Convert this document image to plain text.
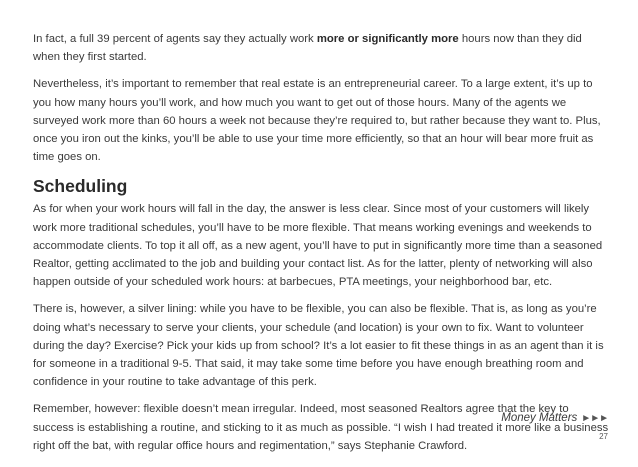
In fact, a full 39 percent of agents say they actually work more or significantly more hours now than they did when they first started.

Nevertheless, it’s important to remember that real estate is an entrepreneurial career. To a large extent, it’s up to you how many hours you’ll work, and how much you want to get out of those hours. Many of the agents we surveyed work more than 60 hours a week not because they’re required to, but rather because they want to. Plus, once you iron out the kinks, you’ll be able to use your time more efficiently, so that an hour will bear more fruit as time goes on.

Scheduling

As for when your work hours will fall in the day, the answer is less clear. Since most of your customers will likely work more traditional schedules, you’ll have to be more flexible. That means working evenings and weekends to accommodate clients. To top it all off, as a new agent, you’ll have to put in significantly more time than a seasoned Realtor, getting acclimated to the job and building your contact list. As for the latter, plenty of networking will also happen outside of your scheduled work hours: at barbecues, PTA meetings, your neighborhood bar, etc.

There is, however, a silver lining: while you have to be flexible, you can also be flexible. That is, as long as you’re doing what’s necessary to serve your clients, your schedule (and location) is your own to fix. Want to volunteer during the day? Exercise? Pick your kids up from school? It’s a lot easier to fit these things in as an agent than it is for someone in a traditional 9-5. That said, it may take some time before you have enough breathing room and confidence in your routine to take advantage of this perk.

Remember, however: flexible doesn’t mean irregular. Indeed, most seasoned Realtors agree that the key to success is establishing a routine, and sticking to it as much as possible. “I wish I had treated it more like a business right off the bat, with regular office hours and regimentation,” says Stephanie Crawford.

Money Matters ►►►
27
